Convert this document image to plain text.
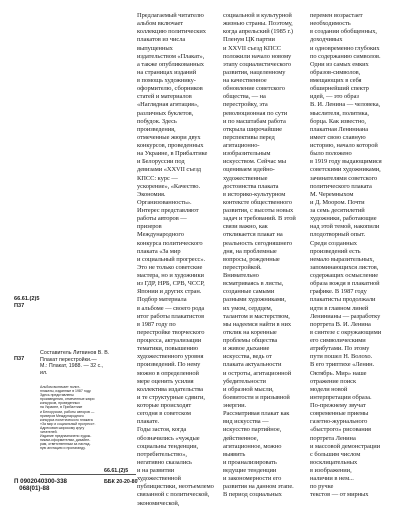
Предлагаемый читателю
альбом включает
коллекцию политических
плакатов из числа
выпущенных
издательством «Плакат»,
а также опубликованных
на страницах изданий
в помощь художнику-
оформителю, сборников
статей и материалов
«Наглядная агитация»,
различных буклетов,
побудок. Здесь
произведения,
отмеченные жюри двух
конкурсов, проведенных
на Украине, в Прибалтике
и Белоруссии под
девизами «XXVII съезд
КПСС: курс —
ускорение», «Качество.
Экономия.
Организованность».
Интерес представляют
работы авторов —
призеров
Международного
конкурса политического
плаката «За мир
и социальный прогресс».
Это не только советские
мастера, но и художники
из ГДР, НРБ, СРВ, ЧССР,
Японии и других стран.
Подбор материала
в альбоме — своего рода
итог работы плакатистов
в 1987 году по
перестройке творческого
процесса, актуализации
тематики, повышению
художественного уровня
произведений. По нему
можно в определенной
мере оценить усилия
коллектива издательства
и те структурные сдвиги,
которые происходят
сегодня в советском
плакате.
Годы застоя, когда
обозначились «чуждые
социальны тенденции,
потребительство»,
негативно сказались
и на развитии
художественной
публицистики, неотъемлемо
связанной с политической,
экономической,
социальной и культурной
жизнью страны. Поэтому,
когда апрельский (1985 г.)
Пленум ЦК партии
и XXVII съезд КПСС
положили начало новому
этапу социалистического
развития, нацеленному
на качественное
обновление советского
общества, — на
перестройку, эта
революционная по сути
и по масштабам работа
открыла широчайшие
перспективы перед
агитационно-
изобразительным
искусством. Сейчас мы
оцениваем идейно-
художественные
достоинства плаката
в историко-культурном
контексте общественного
развития, с высоты новых
задач и требований. В этой
связи важно, как
откликается плакат на
реальность сегодняшнего
дня, на проблемные
вопросы, рожденные
перестройкой.
Внимательно
всматриваясь в листы,
созданные самыми
разными художниками,
их умом, сердцем,
талантом и мастерством,
мы надеемся найти в них
отклик на коренные
проблемы общества
и живое дыхание
искусства, ведь от
плаката актуальности
и остроты, агитационной
убедительности
и образной мысли,
боевитости и призывной
энергии.
Рассматривая плакат как
вид искусства —
искусство партийное,
действенное,
агитационное, можно
выявить
и проанализировать
ведущие тенденции
и закономерности его
развития на данном этапе.
В период социальных
перемен возрастает
необходимость
в создании обобщенных,
доходчивых
и одновременно глубоких
по содержанию символов.
Одни из самых емких
образов-символов,
вмещающих в себя
обширнейший спектр
идей, — это образ
В. И. Ленина — человека,
мыслителя, политика,
борца. Как известно,
плакатная Лениниана
имеет свою славную
историю, начало которой
было положено
в 1919 году выдающимися
советскими художниками,
зачинателями советского
политического плаката
М. Черемныхом
и Д. Моором. Почти
за семь десятилетий
художники, работающие
над этой темой, накопили
плодотворный опыт.
Среди созданных
произведений есть
немало выразительных,
запоминающихся листов,
содержащих осмысление
образа вождя в плакатной
графике. В 1987 году
плакатисты продолжали
идти в главном линей
Ленинианы — разработку
портрета В. И. Ленина
в синтезе с окружающими
его символическими
атрибутами. По этому
пути пошел Н. Волохо.
В его триптихе «Ленин.
Октябрь. Мир» наше
отражение поиск
модели новой
интерпретации образа.
По-прежнему звучат
современные приемы
газетно-журнального
«быстрого» рисования
портрета Ленина
и массовой демонстрации
с большим числом
восклицательных
в изображении,
наличии в нем...
по ручке
текстов — от мирных
66.61.(2)5
П37
П37
Составитель Литвинов В. В.
Плакат перестройки.—
М.: Плакат, 1988. — 32 с.,
ил.
Альбом включает полит-
плакаты, изданные в 1987 году.
Здесь представлены
произведения, отмеченные жюри
конкурсов, проведенных
на Украине, в Прибалтике
и Белоруссии, работы авторов —
призеров Международного
конкурса политического плаката
«За мир и социальный прогресс».
Адресован широкому кругу
читателей.
Издание предназначено худож-
никам-оформителям, дизайне-
рам, ответственным за нагляд-
ную агитацию и пропаганду.
66.61.(2)5
П 0902040300-338
068(01)-88
ББК 20-20-80
